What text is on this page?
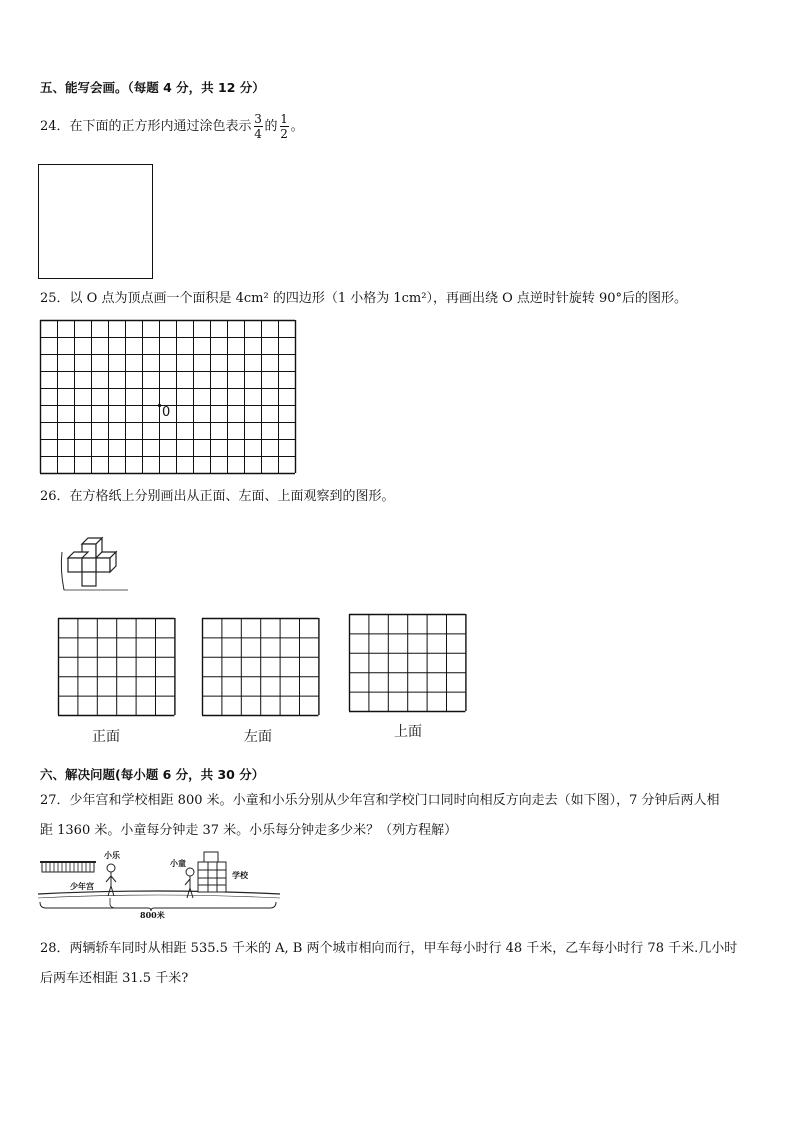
五、能写会画。（每题 4 分，共 12 分）
24．在下面的正方形内通过涂色表示 $\frac{3}{4}$ 的 $\frac{1}{2}$ 。
25．以 O 点为顶点画一个面积是 4cm² 的四边形（1 小格为 1cm²），再画出绕 O 点逆时针旋转 90°后的图形。
0
26．在方格纸上分别画出从正面、左面、上面观察到的图形。
正面	左面	上面
六、解决问题(每小题 6 分，共 30 分）
27．少年宫和学校相距 800 米。小童和小乐分别从少年宫和学校门口同时向相反方向走去（如下图），7 分钟后两人相
距 1360 米。小童每分钟走 37 米。小乐每分钟走多少米？（列方程解）
小乐
少年宫
小童
学校
800米
28．两辆轿车同时从相距 535.5 千米的 A, B 两个城市相向而行，甲车每小时行 48 千米，乙车每小时行 78 千米.几小时
后两车还相距 31.5 千米?
